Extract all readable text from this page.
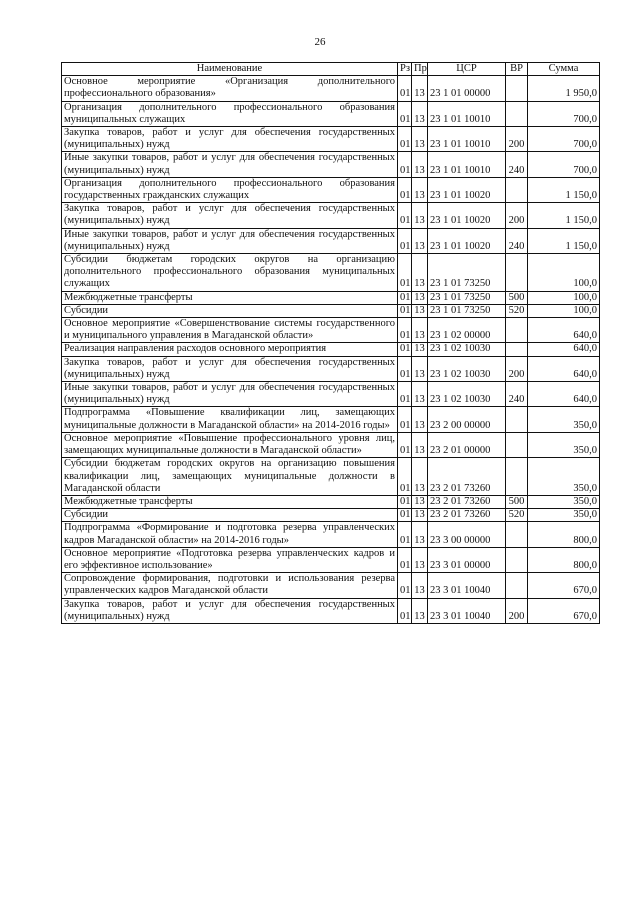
26
Наименование	Рз	Пр	ЦСР	ВР	Сумма
Основное мероприятие «Организация дополнительного профессионального образования»	01	13	23 1 01 00000		1 950,0
Организация дополнительного профессионального образования муниципальных служащих	01	13	23 1 01 10010		700,0
Закупка товаров, работ и услуг для обеспечения государственных (муниципальных) нужд	01	13	23 1 01 10010	200	700,0
Иные закупки товаров, работ и услуг для обеспечения государственных (муниципальных) нужд	01	13	23 1 01 10010	240	700,0
Организация дополнительного профессионального образования государственных гражданских служащих	01	13	23 1 01 10020		1 150,0
Закупка товаров, работ и услуг для обеспечения государственных (муниципальных) нужд	01	13	23 1 01 10020	200	1 150,0
Иные закупки товаров, работ и услуг для обеспечения государственных (муниципальных) нужд	01	13	23 1 01 10020	240	1 150,0
Субсидии бюджетам городских округов на организацию дополнительного профессионального образования муниципальных служащих	01	13	23 1 01 73250		100,0
Межбюджетные трансферты	01	13	23 1 01 73250	500	100,0
Субсидии	01	13	23 1 01 73250	520	100,0
Основное мероприятие «Совершенствование системы государственного и муниципального управления в Магаданской области»	01	13	23 1 02 00000		640,0
Реализация направления расходов основного мероприятия	01	13	23 1 02 10030		640,0
Закупка товаров, работ и услуг для обеспечения государственных (муниципальных) нужд	01	13	23 1 02 10030	200	640,0
Иные закупки товаров, работ и услуг для обеспечения государственных (муниципальных) нужд	01	13	23 1 02 10030	240	640,0
Подпрограмма «Повышение квалификации лиц, замещающих муниципальные должности в Магаданской области» на 2014-2016 годы»	01	13	23 2 00 00000		350,0
Основное мероприятие «Повышение профессионального уровня лиц, замещающих муниципальные должности в Магаданской области»	01	13	23 2 01 00000		350,0
Субсидии бюджетам городских округов на организацию повышения квалификации лиц, замещающих муниципальные должности в Магаданской области	01	13	23 2 01 73260		350,0
Межбюджетные трансферты	01	13	23 2 01 73260	500	350,0
Субсидии	01	13	23 2 01 73260	520	350,0
Подпрограмма «Формирование и подготовка резерва управленческих кадров Магаданской области» на 2014-2016 годы»	01	13	23 3 00 00000		800,0
Основное мероприятие «Подготовка резерва управленческих кадров и его эффективное использование»	01	13	23 3 01 00000		800,0
Сопровождение формирования, подготовки и использования резерва управленческих кадров Магаданской области	01	13	23 3 01 10040		670,0
Закупка товаров, работ и услуг для обеспечения государственных (муниципальных) нужд	01	13	23 3 01 10040	200	670,0
